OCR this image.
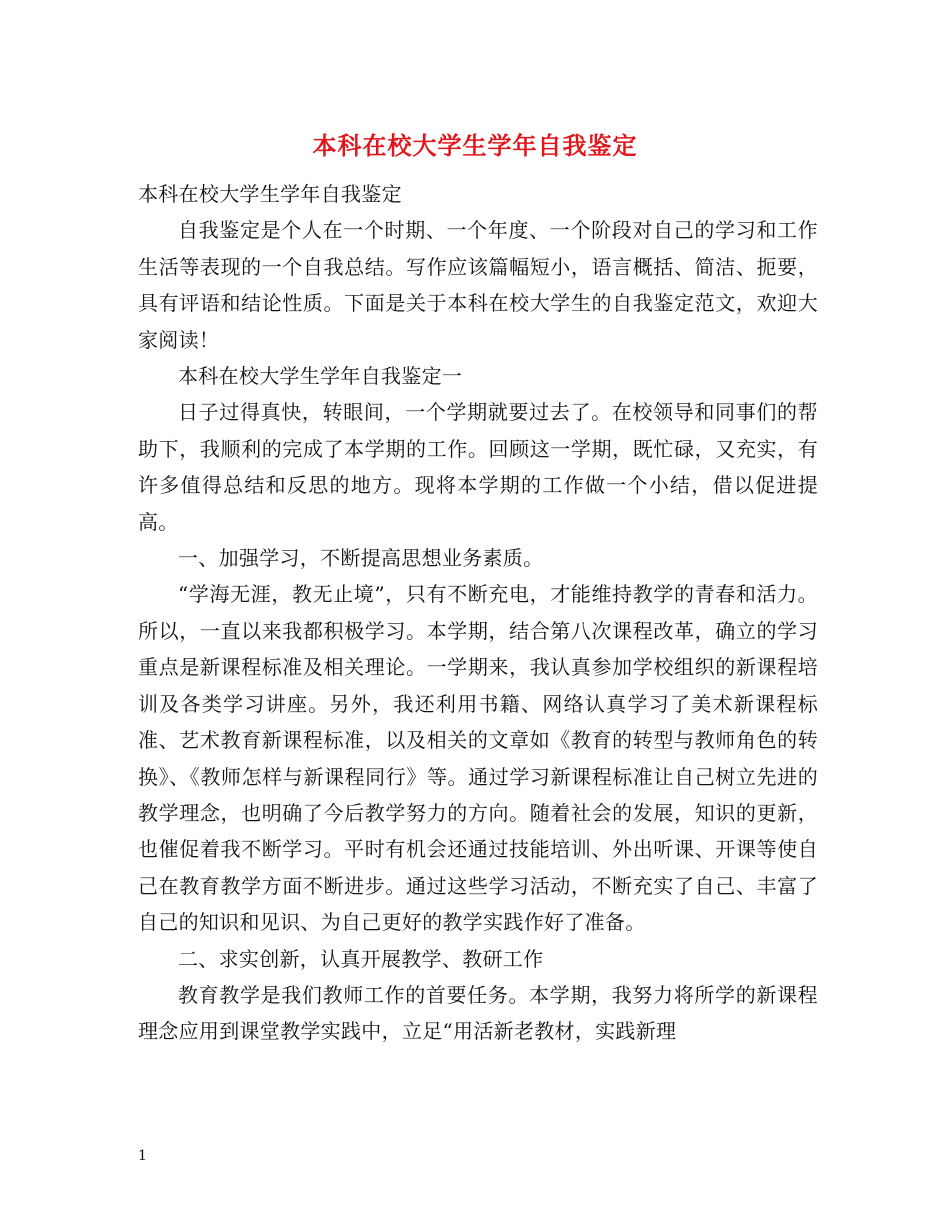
本科在校大学生学年自我鉴定

本科在校大学生学年自我鉴定

自我鉴定是个人在一个时期、一个年度、一个阶段对自己的学习和工作生活等表现的一个自我总结。写作应该篇幅短小，语言概括、简洁、扼要，具有评语和结论性质。下面是关于本科在校大学生的自我鉴定范文，欢迎大家阅读！

本科在校大学生学年自我鉴定一

日子过得真快，转眼间，一个学期就要过去了。在校领导和同事们的帮助下，我顺利的完成了本学期的工作。回顾这一学期，既忙碌，又充实，有许多值得总结和反思的地方。现将本学期的工作做一个小结，借以促进提高。

一、加强学习，不断提高思想业务素质。

“学海无涯，教无止境”，只有不断充电，才能维持教学的青春和活力。所以，一直以来我都积极学习。本学期，结合第八次课程改革，确立的学习重点是新课程标准及相关理论。一学期来，我认真参加学校组织的新课程培训及各类学习讲座。另外，我还利用书籍、网络认真学习了美术新课程标准、艺术教育新课程标准，以及相关的文章如《教育的转型与教师角色的转换》、《教师怎样与新课程同行》等。通过学习新课程标准让自己树立先进的教学理念，也明确了今后教学努力的方向。随着社会的发展，知识的更新，也催促着我不断学习。平时有机会还通过技能培训、外出听课、开课等使自己在教育教学方面不断进步。通过这些学习活动，不断充实了自己、丰富了自己的知识和见识、为自己更好的教学实践作好了准备。

二、求实创新，认真开展教学、教研工作

教育教学是我们教师工作的首要任务。本学期，我努力将所学的新课程理念应用到课堂教学实践中，立足“用活新老教材，实践新理

1
